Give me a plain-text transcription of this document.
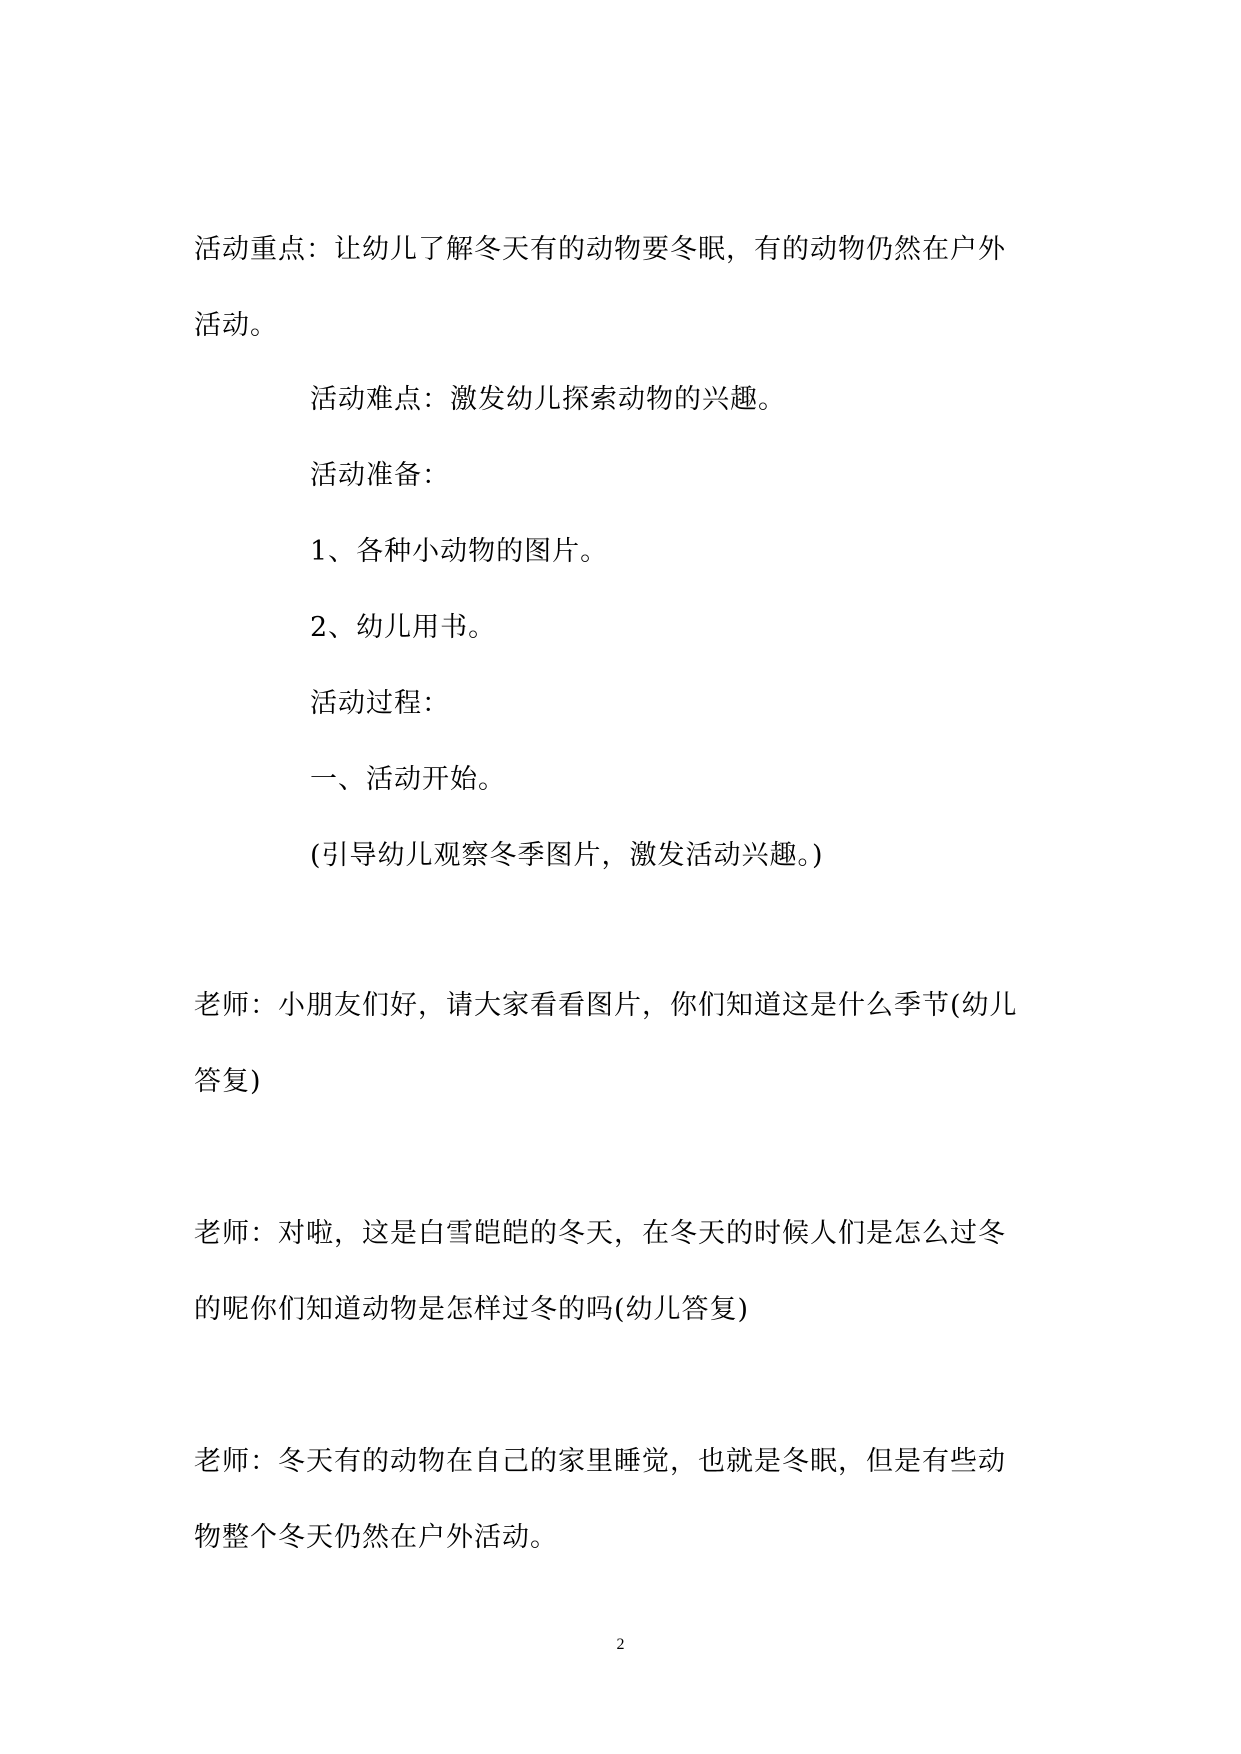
活动重点：让幼儿了解冬天有的动物要冬眠，有的动物仍然在户外
活动。
活动难点：激发幼儿探索动物的兴趣。
活动准备：
1、各种小动物的图片。
2、幼儿用书。
活动过程：
一、活动开始。
(引导幼儿观察冬季图片，激发活动兴趣。)
老师：小朋友们好，请大家看看图片，你们知道这是什么季节(幼儿
答复)
老师：对啦，这是白雪皑皑的冬天，在冬天的时候人们是怎么过冬
的呢你们知道动物是怎样过冬的吗(幼儿答复)
老师：冬天有的动物在自己的家里睡觉，也就是冬眠，但是有些动
物整个冬天仍然在户外活动。
2
